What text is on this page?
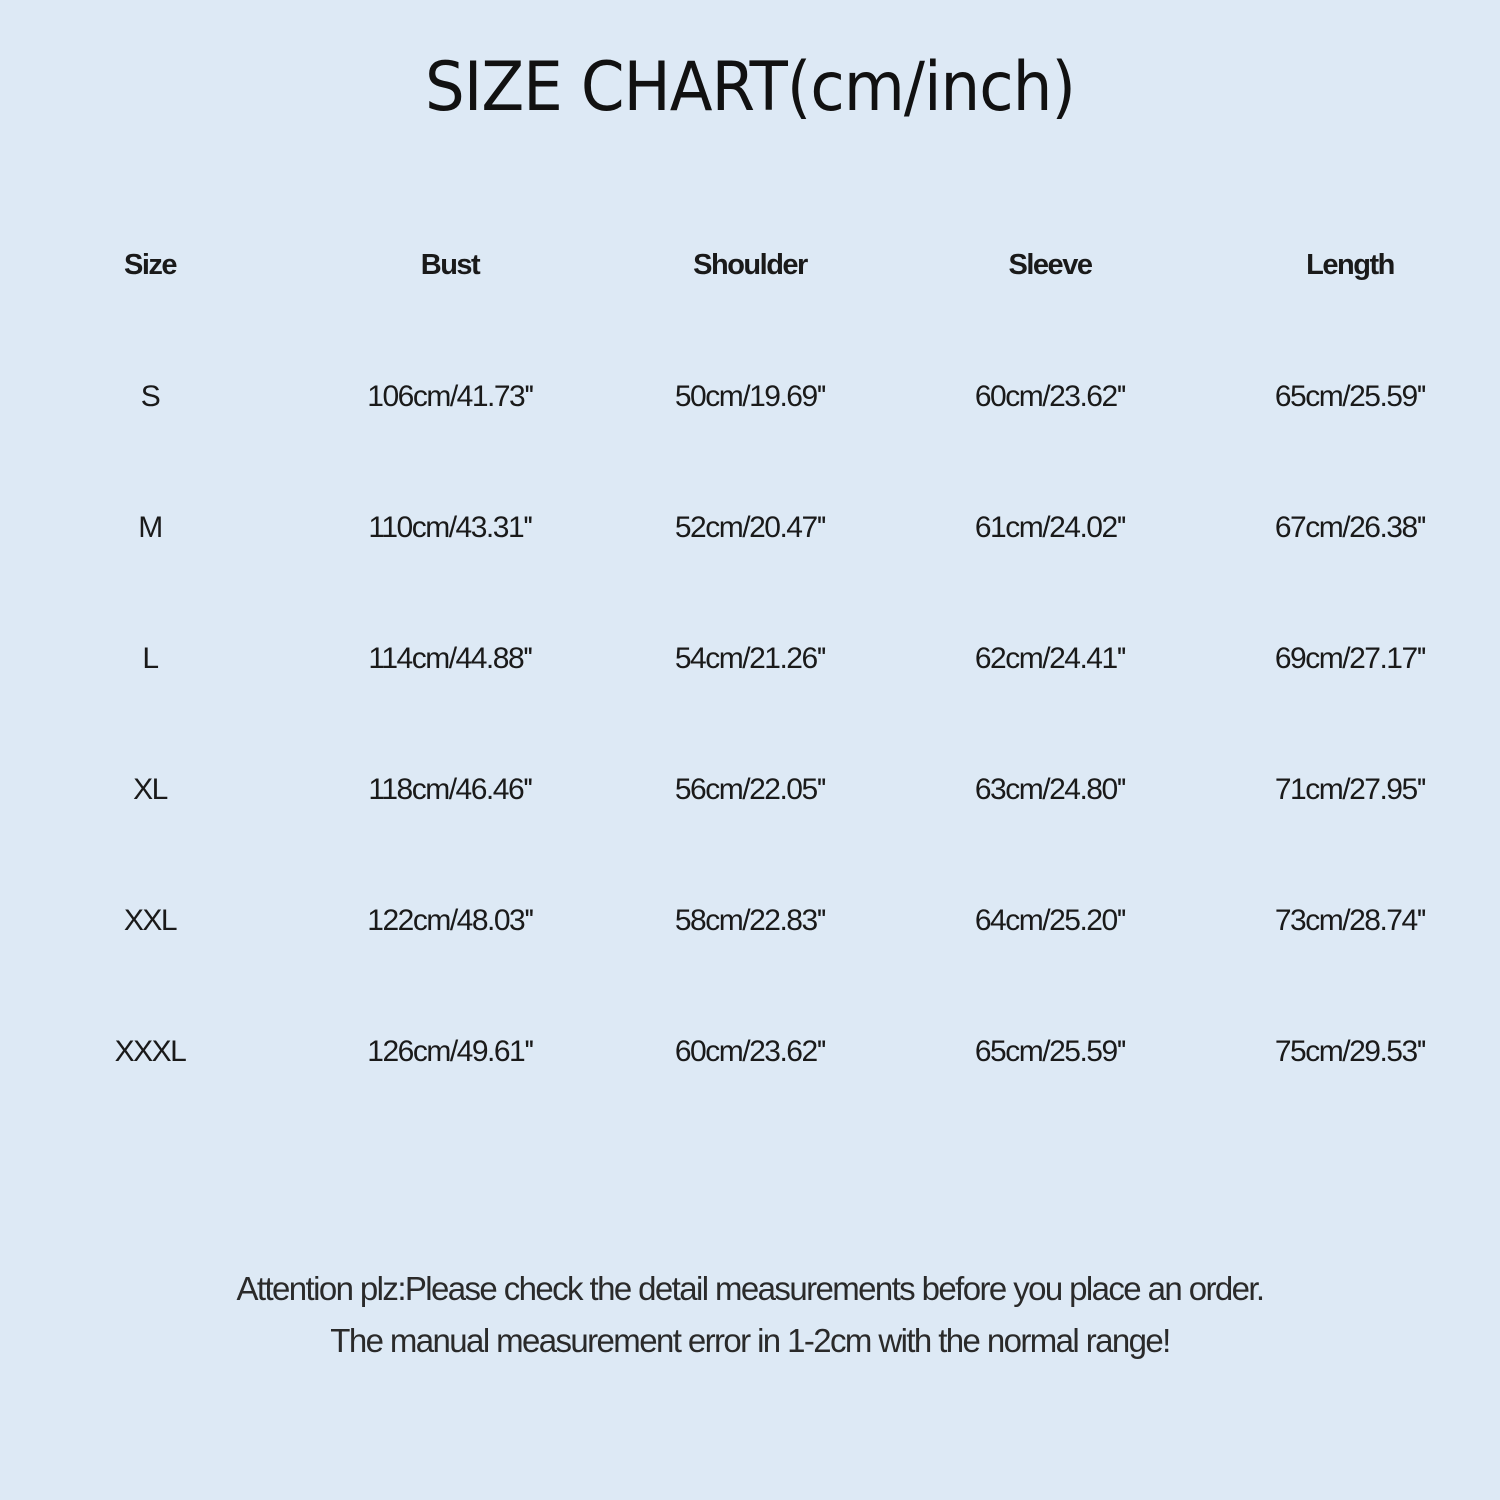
SIZE CHART(cm/inch)
Size	Bust	Shoulder	Sleeve	Length
S	106cm/41.73''	50cm/19.69''	60cm/23.62''	65cm/25.59''
M	110cm/43.31''	52cm/20.47''	61cm/24.02''	67cm/26.38''
L	114cm/44.88''	54cm/21.26''	62cm/24.41''	69cm/27.17''
XL	118cm/46.46''	56cm/22.05''	63cm/24.80''	71cm/27.95''
XXL	122cm/48.03''	58cm/22.83''	64cm/25.20''	73cm/28.74''
XXXL	126cm/49.61''	60cm/23.62''	65cm/25.59''	75cm/29.53''
Attention plz:Please check the detail measurements before you place an order.
The manual measurement error in 1-2cm with the normal range!
